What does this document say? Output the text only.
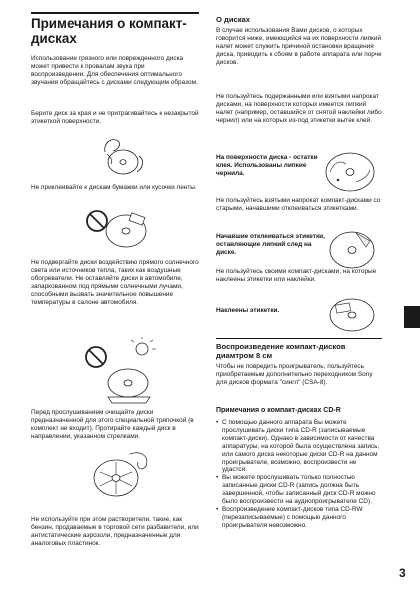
Примечания о компакт-дисках
Использование грязного или поврежденного диска может привести к провалам звука при воспроизведении. Для обеспечения оптимального звучания обращайтесь с дисками следующим образом.
Берите диск за края и не притрагивайтесь к незакрытой этикеткой поверхности.
Не приклеивайте к дискам бумажки или кусочки ленты.
Не подвергайте диски воздействию прямого солнечного света или источников тепла, таких как воздушные обогреватели. Не оставляйте диски в автомобиле, запаркованном под прямыми солнечными лучами, способными вызвать значительное повышение температуры в салоне автомобиля.
Перед прослушиванием очищайте диски предназначенной для этого специальной тряпочкой (в комплект не входит). Протирайте каждый диск в направлении, указанном стрелками.
Не используйте при этом растворители, такие, как бензин, продаваемые в торговой сети разбавители, или антистатические аэрозоли, предназначенные для аналоговых пластинок.
О дисках
В случае использования Вами дисков, о которых говорится ниже, имеющийся на их поверхности липкий налет может служить причиной остановки вращения диска, приводить к сбоям в работе аппарата или порче дисков.
Не пользуйтесь подержанными или взятыми напрокат дисками, на поверхности которых имеется липкий налет (например, оставшийся от снятой наклейки либо чернил) или на которых из-под этикетки вытек клей.
На поверхности диска - остатки клея. Использованы липкие чернила.
Не пользуйтесь взятыми напрокат компакт-дисками со старыми, начавшими отклеиваться этикетками.
Начавшие отклеиваться этикетки, оставляющие липкий след на диске.
Не пользуйтесь своими компакт-дисками, на которые наклеены этикетки или наклейки.
Наклеены этикетки.
Воспроизведение компакт-дисков диамтром 8 см
Чтобы не повредить проигрыватель, пользуйтесь приобретаемым дополнительно переходником Sony для дисков формата "сингл" (CSA-8).
Примечания о компакт-дисках CD-R
• С помощью данного аппарата Вы можете прослушивать диски типа CD-R (записываемые компакт-диски). Однако в зависимости от качества аппаратуры, на которой была осуществлена запись, или самого диска некоторые диски CD-R на данном проигрывателе, возможно, воспроизвести не удастся.
• Вы можете прослушивать только полностью записанные диски CD-R (запись должна быть завершенной, чтобы записанный диск CD-R можно было воспроизвести на аудиопроигрывателе CD).
• Воспроизведение компакт-дисков типа CD-RW (перезаписываемые) с помощью данного проигрывателя невозможно.
3
